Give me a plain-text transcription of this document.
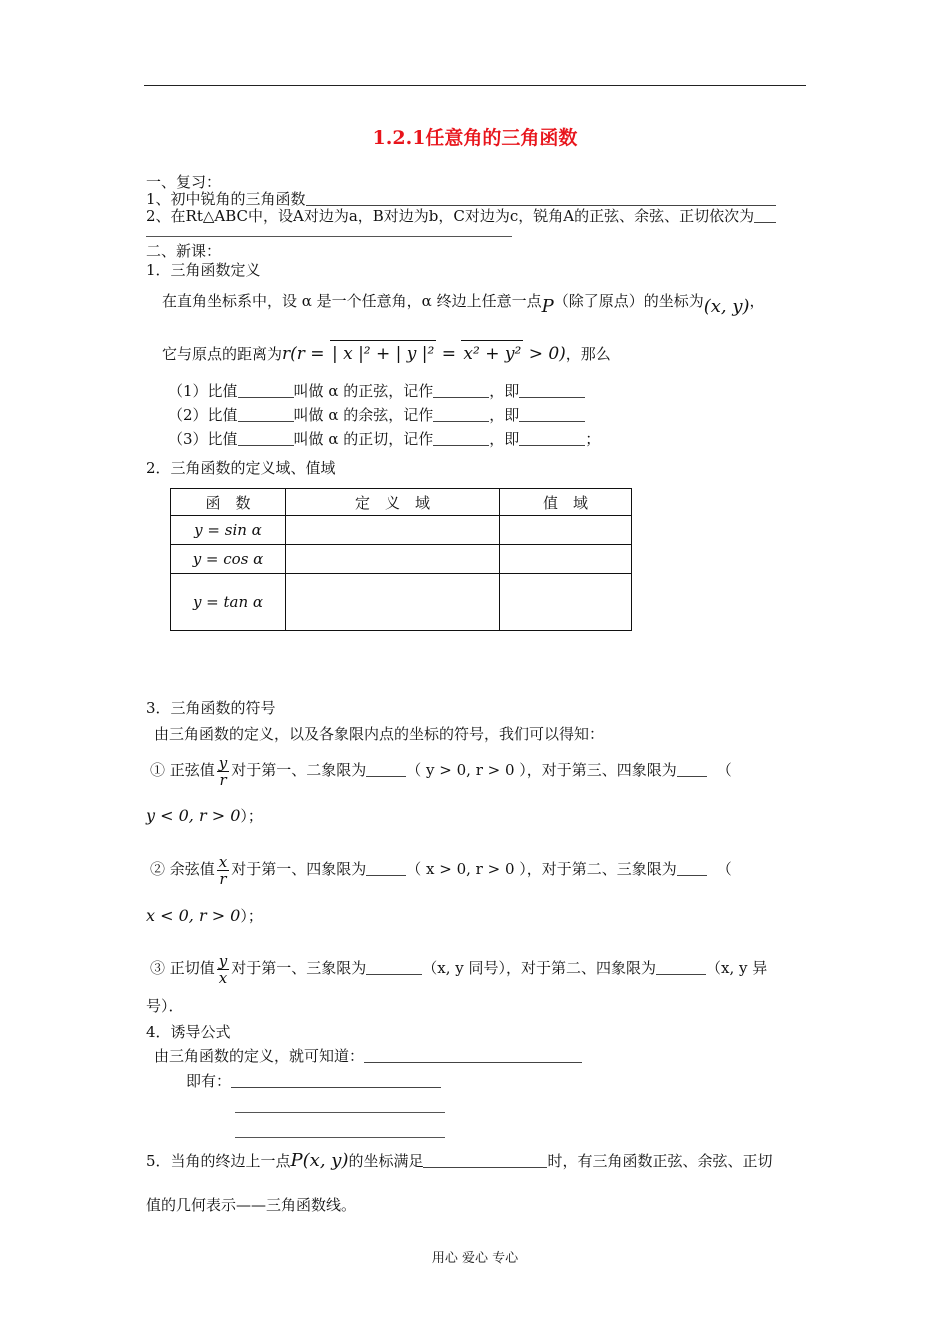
1.2.1任意角的三角函数
一、复习：
1、初中锐角的三角函数
2、在Rt△ABC中，设A对边为a，B对边为b，C对边为c，锐角A的正弦、余弦、正切依次为
二、新课：
1．三角函数定义
在直角坐标系中，设 α 是一个任意角，α 终边上任意一点P（除了原点）的坐标为(x, y)，
它与原点的距离为r(r = | x |² + | y |² = x² + y² > 0)，那么
（1）比值	叫做 α 的正弦，记作	，即
（2）比值	叫做 α 的余弦，记作	，即
（3）比值	叫做 α 的正切，记作	，即	；
2．三角函数的定义域、值域
函　数	定　义　域	值　域
y = sin α		
y = cos α		
y = tan α		
3．三角函数的符号
由三角函数的定义，以及各象限内点的坐标的符号，我们可以得知：
① 正弦值 $\frac{y}{r}$ 对于第一、二象限为	（ y > 0, r > 0 ），对于第三、四象限为	（
y < 0, r > 0）；
② 余弦值 $\frac{x}{r}$ 对于第一、四象限为	（ x > 0, r > 0 ），对于第二、三象限为	（
x < 0, r > 0）；
③ 正切值 $\frac{y}{x}$ 对于第一、三象限为	（x, y 同号），对于第二、四象限为	（x, y 异
号）．
4．诱导公式
由三角函数的定义，就可知道：
即有：
5．当角的终边上一点P(x, y)的坐标满足	时，有三角函数正弦、余弦、正切
值的几何表示——三角函数线。
用心 爱心 专心
